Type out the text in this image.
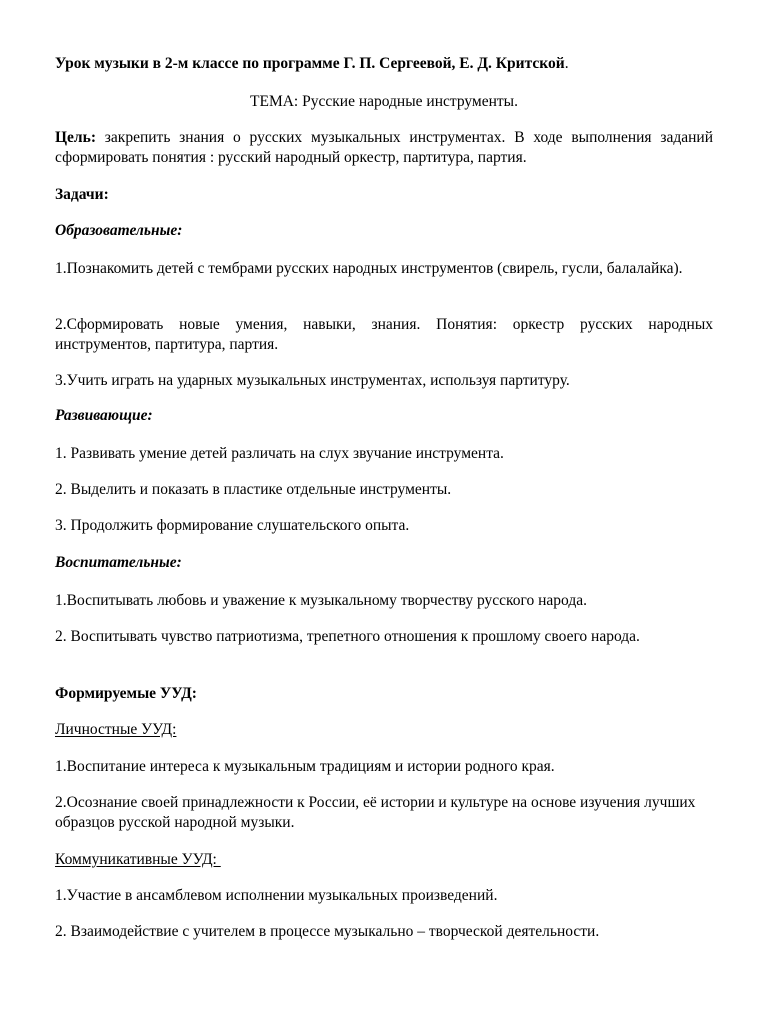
Урок музыки в 2-м классе по программе Г. П. Сергеевой, Е. Д. Критской.

ТЕМА: Русские народные инструменты.

Цель: закрепить знания о русских музыкальных инструментах. В ходе выполнения заданий сформировать понятия : русский народный оркестр, партитура, партия.

Задачи:

Образовательные:

1.Познакомить детей с тембрами русских народных инструментов (свирель, гусли, балалайка).

2.Сформировать новые умения, навыки, знания. Понятия: оркестр русских народных инструментов, партитура, партия.

3.Учить играть на ударных музыкальных инструментах, используя партитуру.

Развивающие:

1. Развивать умение детей различать на слух звучание инструмента.

2. Выделить и показать в пластике отдельные инструменты.

3. Продолжить формирование слушательского опыта.

Воспитательные:

1.Воспитывать любовь и уважение к музыкальному творчеству русского народа.

2. Воспитывать чувство патриотизма, трепетного отношения к прошлому своего народа.

Формируемые УУД:

Личностные УУД:

1.Воспитание интереса к музыкальным традициям и истории родного края.

2.Осознание своей принадлежности к России, её истории и культуре на основе изучения лучших образцов русской народной музыки.

Коммуникативные УУД:

1.Участие в ансамблевом исполнении музыкальных произведений.

2. Взаимодействие с учителем в процессе музыкально – творческой деятельности.
